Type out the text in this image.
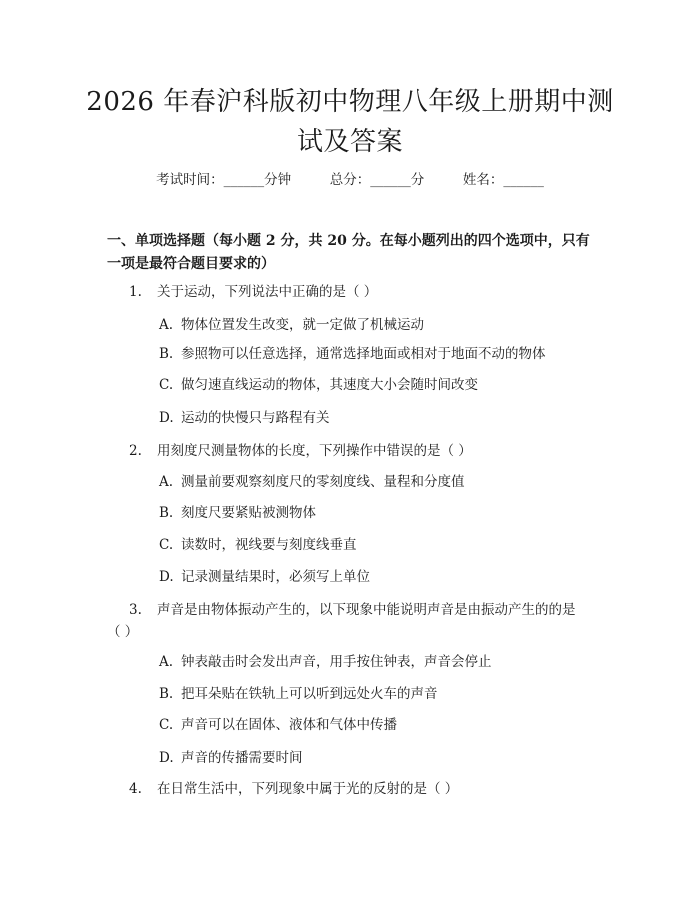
2026 年春沪科版初中物理八年级上册期中测
试及答案
考试时间：______分钟	总分：______分	姓名：______

一、单项选择题（每小题 2 分，共 20 分。在每小题列出的四个选项中，只有一项是最符合题目要求的）

1. 关于运动，下列说法中正确的是（ ）

A. 物体位置发生改变，就一定做了机械运动
B. 参照物可以任意选择，通常选择地面或相对于地面不动的物体
C. 做匀速直线运动的物体，其速度大小会随时间改变
D. 运动的快慢只与路程有关

2. 用刻度尺测量物体的长度，下列操作中错误的是（ ）

A. 测量前要观察刻度尺的零刻度线、量程和分度值
B. 刻度尺要紧贴被测物体
C. 读数时，视线要与刻度线垂直
D. 记录测量结果时，必须写上单位

3. 声音是由物体振动产生的，以下现象中能说明声音是由振动产生的的是
（ ）

A. 钟表敲击时会发出声音，用手按住钟表，声音会停止
B. 把耳朵贴在铁轨上可以听到远处火车的声音
C. 声音可以在固体、液体和气体中传播
D. 声音的传播需要时间

4. 在日常生活中，下列现象中属于光的反射的是（ ）
